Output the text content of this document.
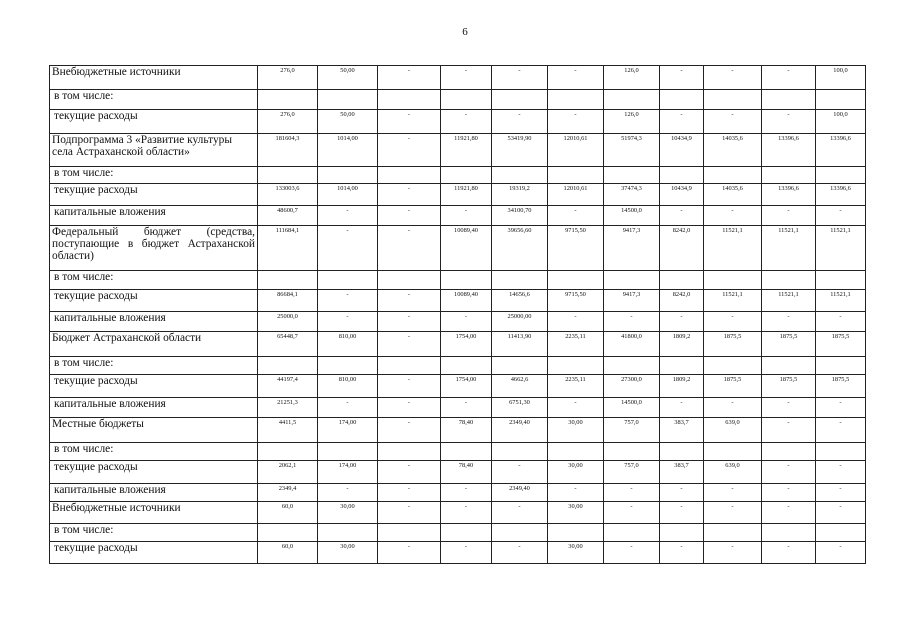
6
Внебюджетные источники	276,0	50,00	-	-	-	-	126,0	-	-	-	100,0
в том числе:											
текущие расходы	276,0	50,00	-	-	-	-	126,0	-	-	-	100,0
Подпрограмма 3 «Развитие культуры села Астраханской области»	181604,3	1014,00	-	11921,80	53419,90	12010,61	51974,3	10434,9	14035,6	13396,6	13396,6
в том числе:											
текущие расходы	133003,6	1014,00	-	11921,80	19319,2	12010,61	37474,3	10434,9	14035,6	13396,6	13396,6
капитальные вложения	48600,7	-	-	-	34100,70	-	14500,0	-	-	-	-
Федеральный бюджет (средства, поступающие в бюджет Астраханской области)	111684,1	-	-	10089,40	39656,60	9715,50	9417,3	8242,0	11521,1	11521,1	11521,1
в том числе:											
текущие расходы	86684,1	-	-	10089,40	14656,6	9715,50	9417,3	8242,0	11521,1	11521,1	11521,1
капитальные вложения	25000,0	-	-	-	25000,00	-	-	-	-	-	-
Бюджет Астраханской области	65448,7	810,00	-	1754,00	11413,90	2235,11	41800,0	1809,2	1875,5	1875,5	1875,5
в том числе:											
текущие расходы	44197,4	810,00	-	1754,00	4662,6	2235,11	27300,0	1809,2	1875,5	1875,5	1875,5
капитальные вложения	21251,3	-	-	-	6751,30	-	14500,0	-	-	-	-
Местные бюджеты	4411,5	174,00	-	78,40	2349,40	30,00	757,0	383,7	639,0	-	-
в том числе:											
текущие расходы	2062,1	174,00	-	78,40	-	30,00	757,0	383,7	639,0	-	-
капитальные вложения	2349,4	-	-	-	2349,40	-	-	-	-	-	-
Внебюджетные источники	60,0	30,00	-	-	-	30,00	-	-	-	-	-
в том числе:											
текущие расходы	60,0	30,00	-	-	-	30,00	-	-	-	-	-
